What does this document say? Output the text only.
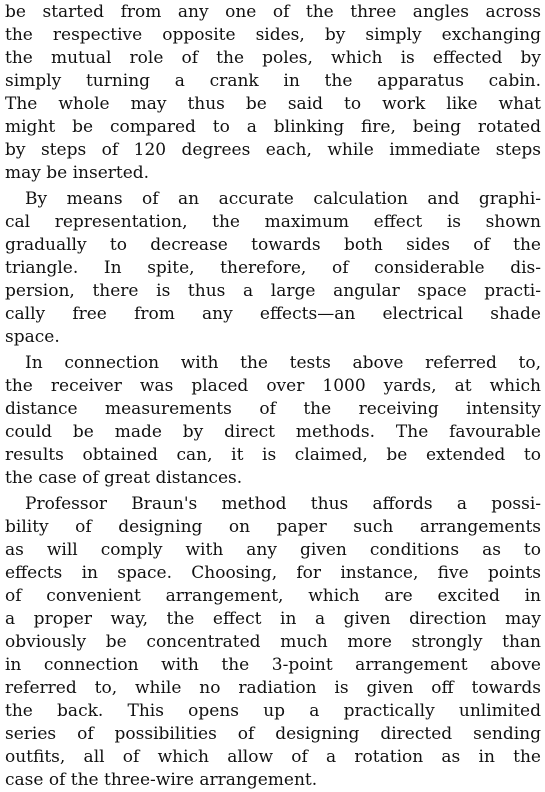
be started from any one of the three angles across
the respective opposite sides, by simply exchanging
the mutual role of the poles, which is effected by
simply turning a crank in the apparatus cabin.
The whole may thus be said to work like what
might be compared to a blinking fire, being rotated
by steps of 120 degrees each, while immediate steps
may be inserted.
By means of an accurate calculation and graphi-
cal representation, the maximum effect is shown
gradually to decrease towards both sides of the
triangle. In spite, therefore, of considerable dis-
persion, there is thus a large angular space practi-
cally free from any effects—an electrical shade
space.
In connection with the tests above referred to,
the receiver was placed over 1000 yards, at which
distance measurements of the receiving intensity
could be made by direct methods. The favourable
results obtained can, it is claimed, be extended to
the case of great distances.
Professor Braun's method thus affords a possi-
bility of designing on paper such arrangements
as will comply with any given conditions as to
effects in space. Choosing, for instance, five points
of convenient arrangement, which are excited in
a proper way, the effect in a given direction may
obviously be concentrated much more strongly than
in connection with the 3-point arrangement above
referred to, while no radiation is given off towards
the back. This opens up a practically unlimited
series of possibilities of designing directed sending
outfits, all of which allow of a rotation as in the
case of the three-wire arrangement.
